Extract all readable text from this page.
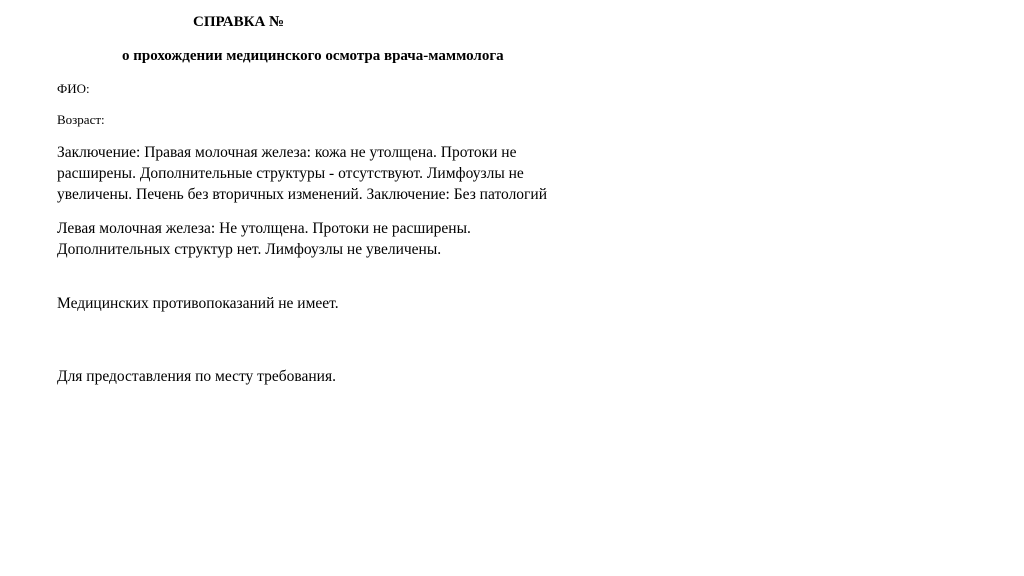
СПРАВКА №
о прохождении медицинского осмотра врача-маммолога
ФИО:
Возраст:
Заключение: Правая молочная железа: кожа не утолщена. Протоки не
расширены. Дополнительные структуры - отсутствуют. Лимфоузлы не
увеличены. Печень без вторичных изменений. Заключение: Без патологий
Левая молочная железа: Не утолщена. Протоки не расширены.
Дополнительных структур нет. Лимфоузлы не увеличены.
Медицинских противопоказаний не имеет.
Для предоставления по месту требования.
